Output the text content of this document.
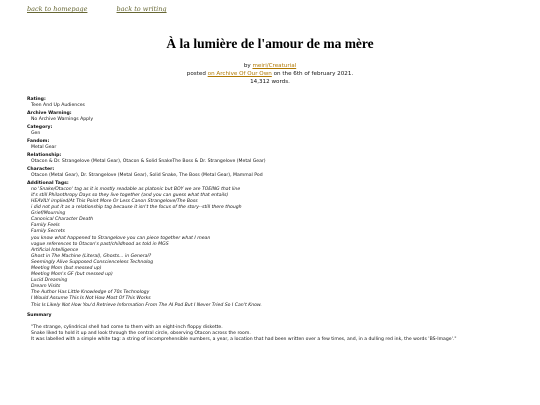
back to homepage	back to writing
À la lumière de l'amour de ma mère
by meiri/Creaturial
posted on Archive Of Our Own on the 6th of february 2021.
14,312 words.
Rating:
Teen And Up Audiences
Archive Warning:
No Archive Warnings Apply
Category:
Gen
Fandom:
Metal Gear
Relationship:
Otacon & Dr. Strangelove (Metal Gear), Otacon & Solid SnakeThe Boss & Dr. Strangelove (Metal Gear)
Character:
Otacon (Metal Gear), Dr. Strangelove (Metal Gear), Solid Snake, The Boss (Metal Gear), Mammal Pod
Additional Tags:
no 'Snake/Otacon' tag as it is mostly readable as platonic but BOY we are TOEING that line
it's still Philanthropy Days so they live together (and you can guess what that entails)
HEAVILY implied/At This Point More Or Less Canon Strangelove/The Boss
i did not put it as a relationship tag because it isn't the focus of the story--still there though
Grief/Mourning
Canonical Character Death
Family Feels
Family Secrets
you know what happened to Strangelove you can piece together what I mean
vague references to Otacon's past/childhood as told in MGS
Artificial Intelligence
Ghost in The Machine (Literal), Ghosts... in General?
Seemingly Alive Supposed Conscienceless Technolog
Meeting Mom (but messed up)
Meeting Mom's GF (but messed up)
Lucid Dreaming
Dream Visits
The Author Has Little Knowledge of 70s Technology
I Would Assume This Is Not How Most Of This Works
This Is Likely Not How You'd Retrieve Information From The AI Pod But I Never Tried So I Can't Know.
Summary

"The strange, cylindrical shell had come to them with an eight-inch floppy diskette.

Snake liked to hold it up and look through the central circle, observing Otacon across the room.

It was labelled with a simple white tag: a string of incomprehensible numbers, a year, a location that had been written over a few times, and, in a dulling red ink, the words 'BS-Image'."
